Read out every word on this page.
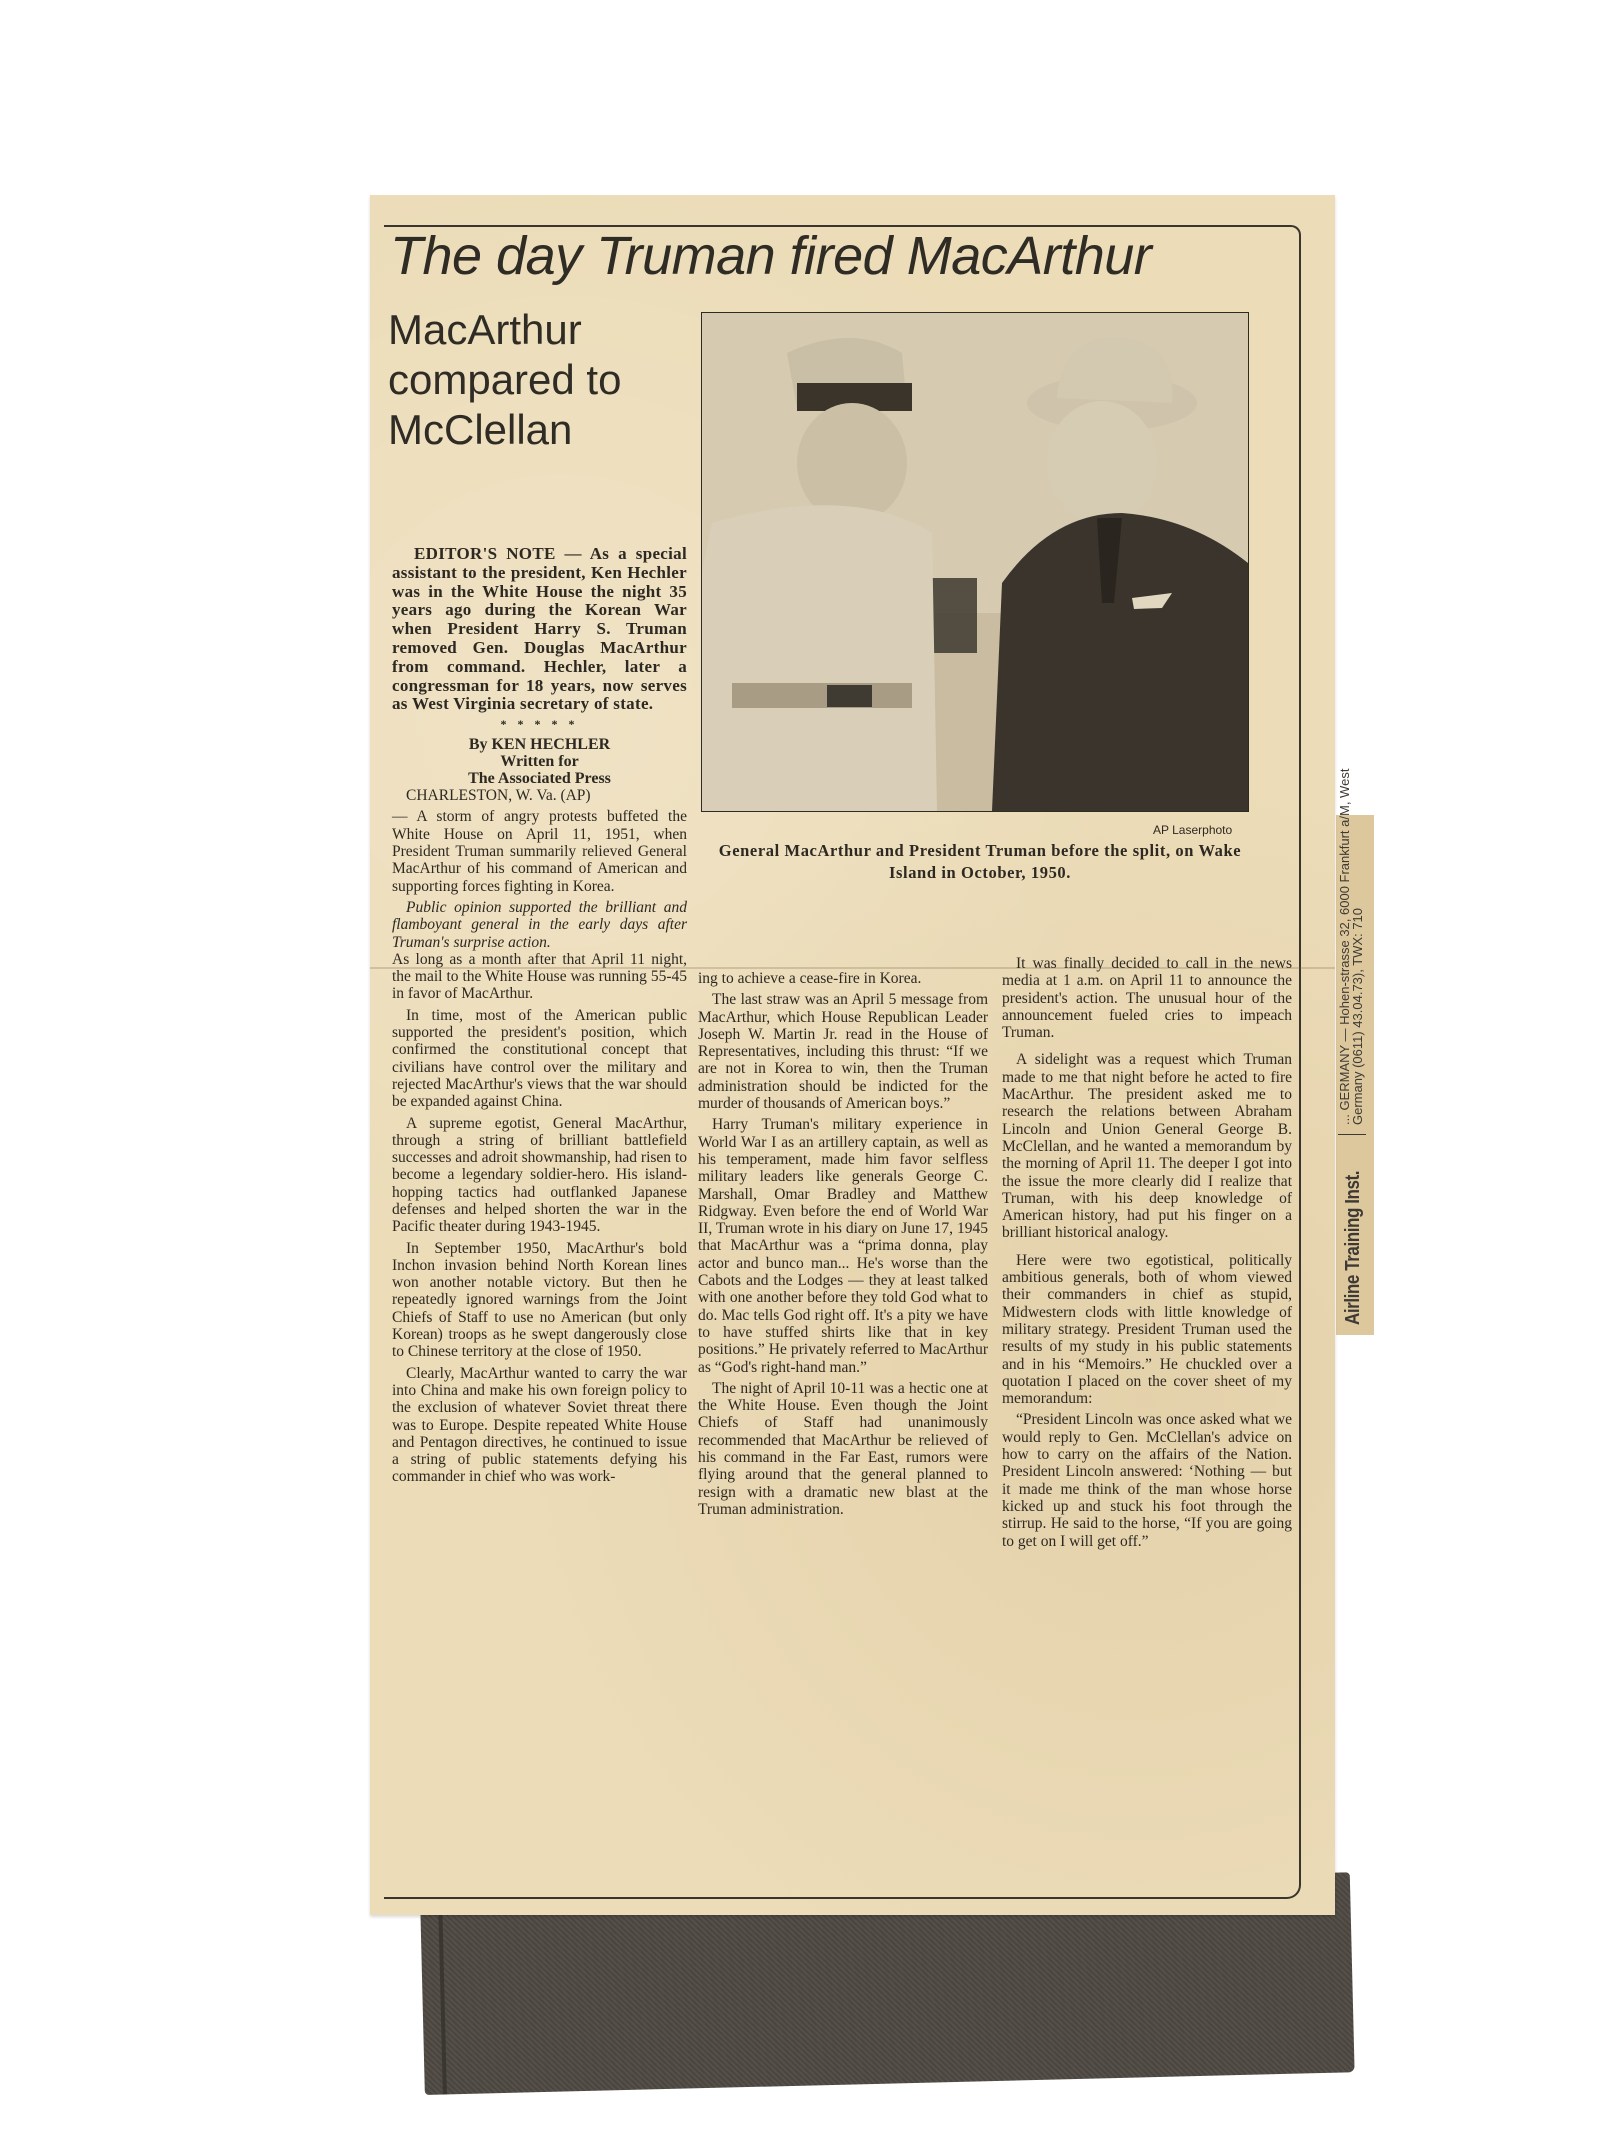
Airline Training Inst.
... GERMANY — Hohen-strasse 32, 6000 Frankfurt a/M, West
Germany (0611) 43.04.73), TWX: 710
The day Truman fired MacArthur
MacArthur compared to McClellan
AP Laserphoto
General MacArthur and President Truman before the split, on Wake Island in October, 1950.

EDITOR'S NOTE — As a special assistant to the president, Ken Hechler was in the White House the night 35 years ago during the Korean War when President Harry S. Truman removed Gen. Douglas MacArthur from command. Hechler, later a congressman for 18 years, now serves as West Virginia secretary of state.

* * * * *
By KEN HECHLER
Written for
The Associated Press

CHARLESTON, W. Va. (AP)

— A storm of angry protests buffeted the White House on April 11, 1951, when President Truman summarily relieved General MacArthur of his command of American and supporting forces fighting in Korea.

Public opinion supported the brilliant and flamboyant general in the early days after Truman's surprise action.

As long as a month after that April 11 night, the mail to the White House was running 55-45 in favor of MacArthur.

In time, most of the American public supported the president's position, which confirmed the constitutional concept that civilians have control over the military and rejected MacArthur's views that the war should be expanded against China.

A supreme egotist, General MacArthur, through a string of brilliant battlefield successes and adroit showmanship, had risen to become a legendary soldier-hero. His island-hopping tactics had outflanked Japanese defenses and helped shorten the war in the Pacific theater during 1943-1945.

In September 1950, MacArthur's bold Inchon invasion behind North Korean lines won another notable victory. But then he repeatedly ignored warnings from the Joint Chiefs of Staff to use no American (but only Korean) troops as he swept dangerously close to Chinese territory at the close of 1950.

Clearly, MacArthur wanted to carry the war into China and make his own foreign policy to the exclusion of whatever Soviet threat there was to Europe. Despite repeated White House and Pentagon directives, he continued to issue a string of public statements defying his commander in chief who was work-

ing to achieve a cease-fire in Korea.

The last straw was an April 5 message from MacArthur, which House Republican Leader Joseph W. Martin Jr. read in the House of Representatives, including this thrust: “If we are not in Korea to win, then the Truman administration should be indicted for the murder of thousands of American boys.”

Harry Truman's military experience in World War I as an artillery captain, as well as his temperament, made him favor selfless military leaders like generals George C. Marshall, Omar Bradley and Matthew Ridgway. Even before the end of World War II, Truman wrote in his diary on June 17, 1945 that MacArthur was a “prima donna, play actor and bunco man... He's worse than the Cabots and the Lodges — they at least talked with one another before they told God what to do. Mac tells God right off. It's a pity we have to have stuffed shirts like that in key positions.” He privately referred to MacArthur as “God's right-hand man.”

The night of April 10-11 was a hectic one at the White House. Even though the Joint Chiefs of Staff had unanimously recommended that MacArthur be relieved of his command in the Far East, rumors were flying around that the general planned to resign with a dramatic new blast at the Truman administration.

It was finally decided to call in the news media at 1 a.m. on April 11 to announce the president's action. The unusual hour of the announcement fueled cries to impeach Truman.

A sidelight was a request which Truman made to me that night before he acted to fire MacArthur. The president asked me to research the relations between Abraham Lincoln and Union General George B. McClellan, and he wanted a memorandum by the morning of April 11. The deeper I got into the issue the more clearly did I realize that Truman, with his deep knowledge of American history, had put his finger on a brilliant historical analogy.

Here were two egotistical, politically ambitious generals, both of whom viewed their commanders in chief as stupid, Midwestern clods with little knowledge of military strategy. President Truman used the results of my study in his public statements and in his “Memoirs.” He chuckled over a quotation I placed on the cover sheet of my memorandum:

“President Lincoln was once asked what we would reply to Gen. McClellan's advice on how to carry on the affairs of the Nation. President Lincoln answered: ‘Nothing — but it made me think of the man whose horse kicked up and stuck his foot through the stirrup. He said to the horse, “If you are going to get on I will get off.”
